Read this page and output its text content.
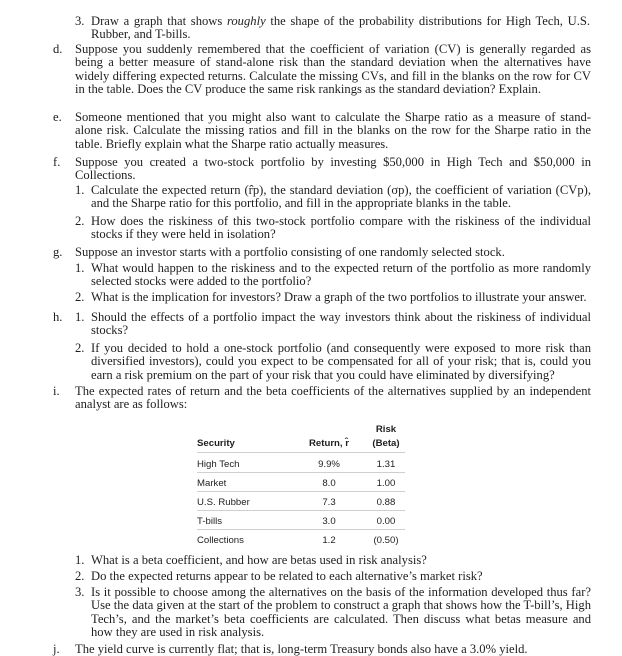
3. Draw a graph that shows roughly the shape of the probability distributions for High Tech, U.S. Rubber, and T-bills.
d. Suppose you suddenly remembered that the coefficient of variation (CV) is generally regarded as being a better measure of stand-alone risk than the standard deviation when the alternatives have widely differing expected returns. Calculate the missing CVs, and fill in the blanks on the row for CV in the table. Does the CV produce the same risk rankings as the standard deviation? Explain.
e. Someone mentioned that you might also want to calculate the Sharpe ratio as a measure of stand-alone risk. Calculate the missing ratios and fill in the blanks on the row for the Sharpe ratio in the table. Briefly explain what the Sharpe ratio actually measures.
f. Suppose you created a two-stock portfolio by investing $50,000 in High Tech and $50,000 in Collections.
1. Calculate the expected return (r̂p), the standard deviation (σp), the coefficient of variation (CVp), and the Sharpe ratio for this portfolio, and fill in the appropriate blanks in the table.
2. How does the riskiness of this two-stock portfolio compare with the riskiness of the individual stocks if they were held in isolation?
g. Suppose an investor starts with a portfolio consisting of one randomly selected stock.
1. What would happen to the riskiness and to the expected return of the portfolio as more randomly selected stocks were added to the portfolio?
2. What is the implication for investors? Draw a graph of the two portfolios to illustrate your answer.
h. 1. Should the effects of a portfolio impact the way investors think about the riskiness of individual stocks?
2. If you decided to hold a one-stock portfolio (and consequently were exposed to more risk than diversified investors), could you expect to be compensated for all of your risk; that is, could you earn a risk premium on the part of your risk that you could have eliminated by diversifying?
i. The expected rates of return and the beta coefficients of the alternatives supplied by an independent analyst are as follows:
Risk
Security	Return, r̂	(Beta)
High Tech	9.9%	1.31
Market	8.0	1.00
U.S. Rubber	7.3	0.88
T-bills	3.0	0.00
Collections	1.2	(0.50)
1. What is a beta coefficient, and how are betas used in risk analysis?
2. Do the expected returns appear to be related to each alternative’s market risk?
3. Is it possible to choose among the alternatives on the basis of the information developed thus far? Use the data given at the start of the problem to construct a graph that shows how the T-bill’s, High Tech’s, and the market’s beta coefficients are calculated. Then discuss what betas measure and how they are used in risk analysis.
j. The yield curve is currently flat; that is, long-term Treasury bonds also have a 3.0% yield.
